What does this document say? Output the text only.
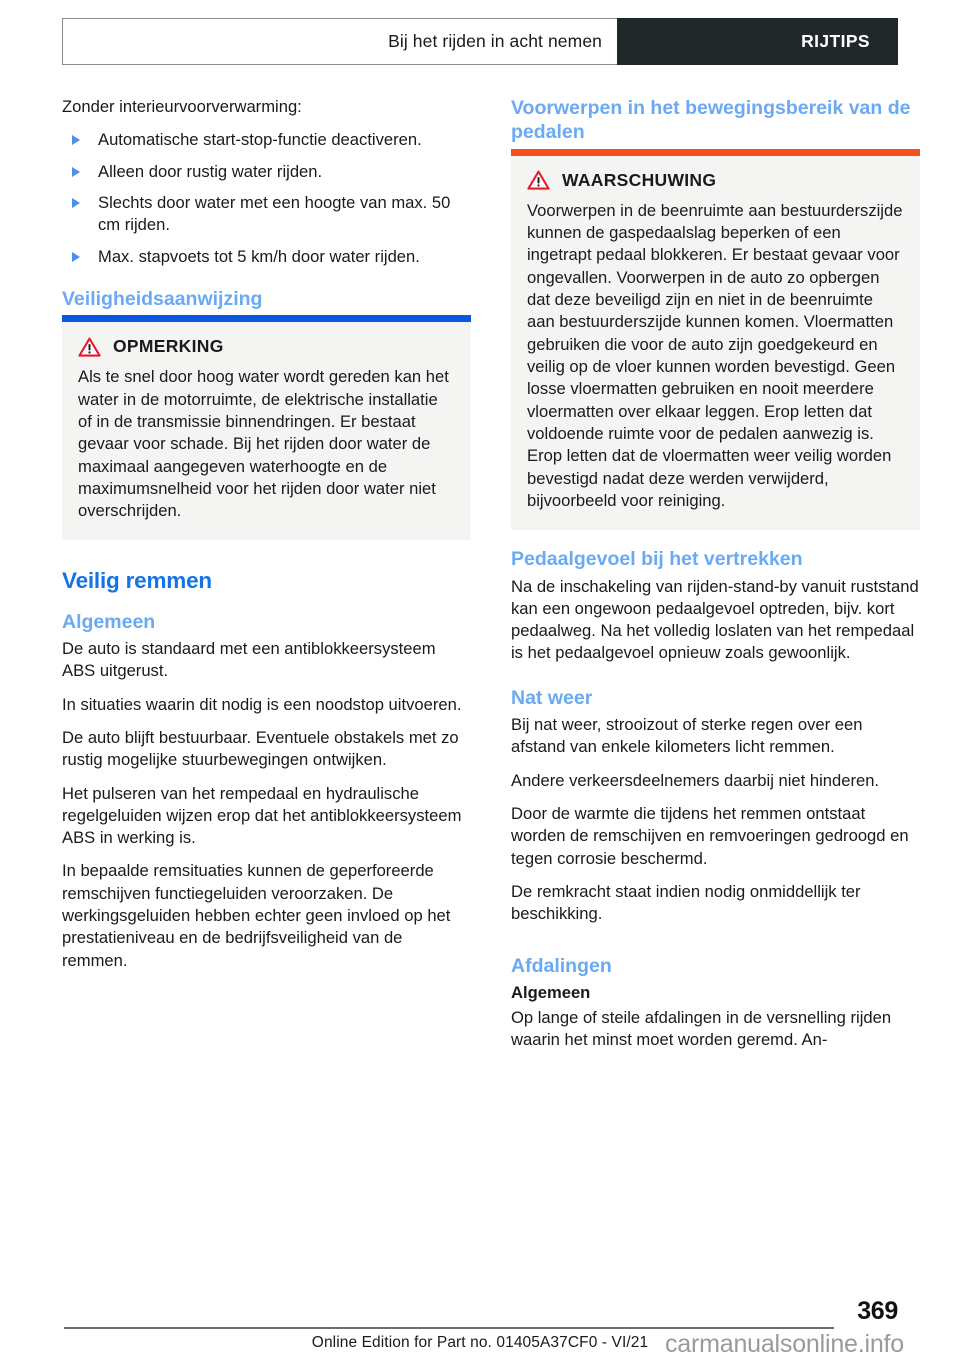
Bij het rijden in acht nemen	RIJTIPS

Zonder interieurvoorverwarming:

Automatische start-stop-functie deactiveren.
Alleen door rustig water rijden.
Slechts door water met een hoogte van max. 50 cm rijden.
Max. stapvoets tot 5 km/h door water rijden.
Veiligheidsaanwijzing
OPMERKING

Als te snel door hoog water wordt gereden kan het water in de motorruimte, de elektrische installatie of in de transmissie binnendringen. Er bestaat gevaar voor schade. Bij het rijden door water de maximaal aangegeven waterhoogte en de maximumsnelheid voor het rijden door water niet overschrijden.

Veilig remmen
Algemeen

De auto is standaard met een antiblokkeersysteem ABS uitgerust.

In situaties waarin dit nodig is een noodstop uitvoeren.

De auto blijft bestuurbaar. Eventuele obstakels met zo rustig mogelijke stuurbewegingen ontwijken.

Het pulseren van het rempedaal en hydraulische regelgeluiden wijzen erop dat het antiblokkeersysteem ABS in werking is.

In bepaalde remsituaties kunnen de geperforeerde remschijven functiegeluiden veroorzaken. De werkingsgeluiden hebben echter geen invloed op het prestatieniveau en de bedrijfsveiligheid van de remmen.

Voorwerpen in het bewegingsbereik van de pedalen
WAARSCHUWING

Voorwerpen in de beenruimte aan bestuurderszijde kunnen de gaspedaalslag beperken of een ingetrapt pedaal blokkeren. Er bestaat gevaar voor ongevallen. Voorwerpen in de auto zo opbergen dat deze beveiligd zijn en niet in de beenruimte aan bestuurderszijde kunnen komen. Vloermatten gebruiken die voor de auto zijn goedgekeurd en veilig op de vloer kunnen worden bevestigd. Geen losse vloermatten gebruiken en nooit meerdere vloermatten over elkaar leggen. Erop letten dat voldoende ruimte voor de pedalen aanwezig is. Erop letten dat de vloermatten weer veilig worden bevestigd nadat deze werden verwijderd, bijvoorbeeld voor reiniging.

Pedaalgevoel bij het vertrekken

Na de inschakeling van rijden-stand-by vanuit ruststand kan een ongewoon pedaalgevoel optreden, bijv. kort pedaalweg. Na het volledig loslaten van het rempedaal is het pedaalgevoel opnieuw zoals gewoonlijk.

Nat weer

Bij nat weer, strooizout of sterke regen over een afstand van enkele kilometers licht remmen.

Andere verkeersdeelnemers daarbij niet hinderen.

Door de warmte die tijdens het remmen ontstaat worden de remschijven en remvoeringen gedroogd en tegen corrosie beschermd.

De remkracht staat indien nodig onmiddellijk ter beschikking.

Afdalingen
Algemeen

Op lange of steile afdalingen in de versnelling rijden waarin het minst moet worden geremd. An-

369
Online Edition for Part no. 01405A37CF0 - VI/21 carmanualsonline.info
